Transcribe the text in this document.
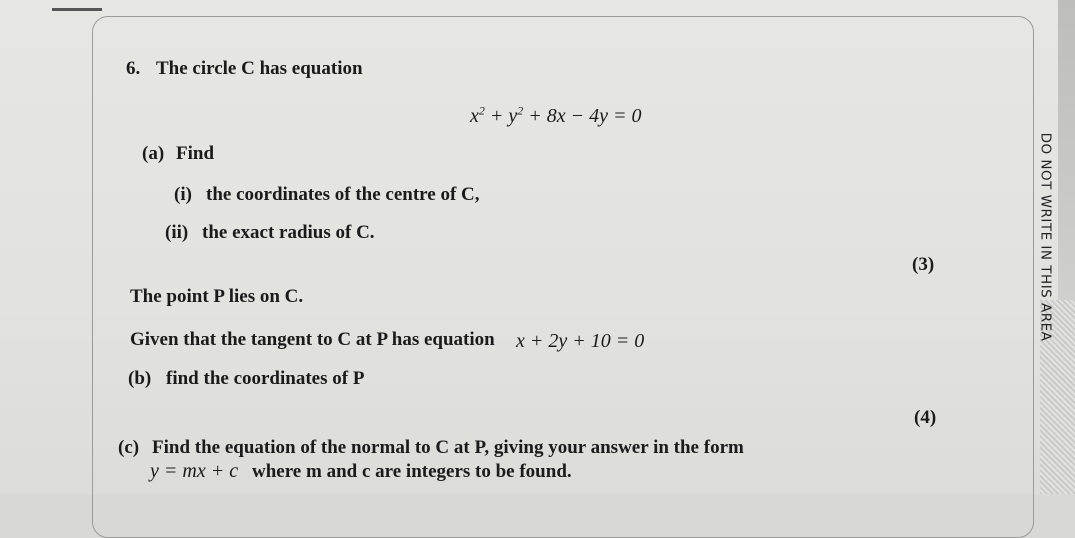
6. The circle C has equation
$x^2 + y^2 + 8x - 4y = 0$
(a) Find
(i) the coordinates of the centre of C,
(ii) the exact radius of C.
(3)
The point P lies on C.
Given that the tangent to C at P has equation x + 2y + 10 = 0
(b) find the coordinates of P
(4)
(c) Find the equation of the normal to C at P, giving your answer in the form
y = mx + c where m and c are integers to be found.
DO NOT WRITE IN THIS AREA
